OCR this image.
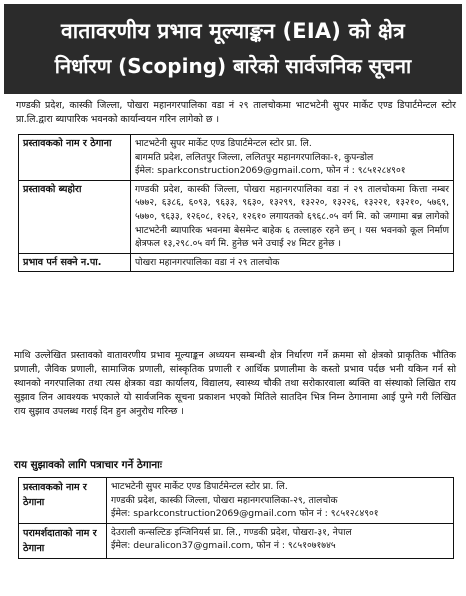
वातावरणीय प्रभाव मूल्याङ्कन (EIA) को क्षेत्र
निर्धारण (Scoping) बारेको सार्वजनिक सूचना
गण्डकी प्रदेश, कास्की जिल्ला, पोखरा महानगरपालिका वडा नं २९ तालचोकमा भाटभटेनी सुपर मार्केट एण्ड डिपार्टमेन्टल स्टोर प्रा.लि.द्वारा ब्यापारिक भवनको कार्यान्वयन गरिन लागेको छ ।
प्रस्तावकको नाम र ठेगाना	भाटभटेनी सुपर मार्केट एण्ड डिपार्टमेन्टल स्टोर प्रा. लि.
बागमति प्रदेश, ललितपुर जिल्ला, ललितपुर महानगरपालिका-१, कुपन्डोल
ईमेल: spark​construction2069@gmail.com, फोन नं : ९८५१२८४९०१

प्रस्तावको ब्यहोरा	गण्डकी प्रदेश, कास्की जिल्ला, पोखरा महानगरपालिका वडा नं २९ तालचोकमा कित्ता नम्बर ५७७२, ६३८६, ६०९३, ९६३३, ९६३०, १३२९९, १३२२०, १३२२६, १३२२१, १३२१०, ५७६९, ५७७०, ९६३३, १२६०८, १२६२, १२६१० लगायतको ६९६८.०५ वर्ग मि. को जग्गामा बन्न लागेको भाटभटेनी ब्यापारिक भवनमा बेसमेन्ट बाहेक ६ तल्लाहरु रहने छन् । यस भवनको कूल निर्माण क्षेत्रफल १३,२९८.०५ वर्ग मि. हुनेछ भने उचाई २४ मिटर हुनेछ ।
प्रभाव पर्न सक्ने न.पा.	पोखरा महानगरपालिका वडा नं २९ तालचोक
माथि उल्लेखित प्रस्तावको वातावरणीय प्रभाव मूल्याङ्कन अध्ययन सम्बन्धी क्षेत्र निर्धारण गर्ने क्रममा सो क्षेत्रको प्राकृतिक भौतिक प्रणाली, जैविक प्रणाली, सामाजिक प्रणाली, सांस्कृतिक प्रणाली र आर्थिक प्रणालीमा के कस्तो प्रभाव पर्दछ भनी यकिन गर्न सो स्थानको नगरपालिका तथा त्यस क्षेत्रका वडा कार्यालय, विद्यालय, स्वास्थ्य चौकी तथा सरोकारवाला ब्यक्ति वा संस्थाको लिखित राय सुझाव लिन आवश्यक भएकाले यो सार्वजनिक सूचना प्रकाशन भएको मितिले सातदिन भित्र निम्न ठेगानामा आई पुग्ने गरी लिखित राय सुझाव उपलब्ध गराई दिन हुन अनुरोध गरिन्छ ।
राय सुझावको लागि पत्राचार गर्ने ठेगानाः
प्रस्तावकको नाम र ठेगाना	भाटभटेनी सुपर मार्केट एण्ड डिपार्टमेन्टल स्टोर प्रा. लि.
गण्डकी प्रदेश, कास्की जिल्ला, पोखरा महानगरपालिका-२९, तालचोक
ईमेल: sparkconstruction2069@gmail.com फोन नं : ९८५१२८४९०१

परामर्शदाताको नाम र ठेगाना	देउराली कन्सल्टिङ इन्जिनियर्स प्रा. लि., गण्डकी प्रदेश, पोखरा-३१, नेपाल
ईमेल: deuralicon37@gmail.com, फोन नं : ९८५१०७१७४५
